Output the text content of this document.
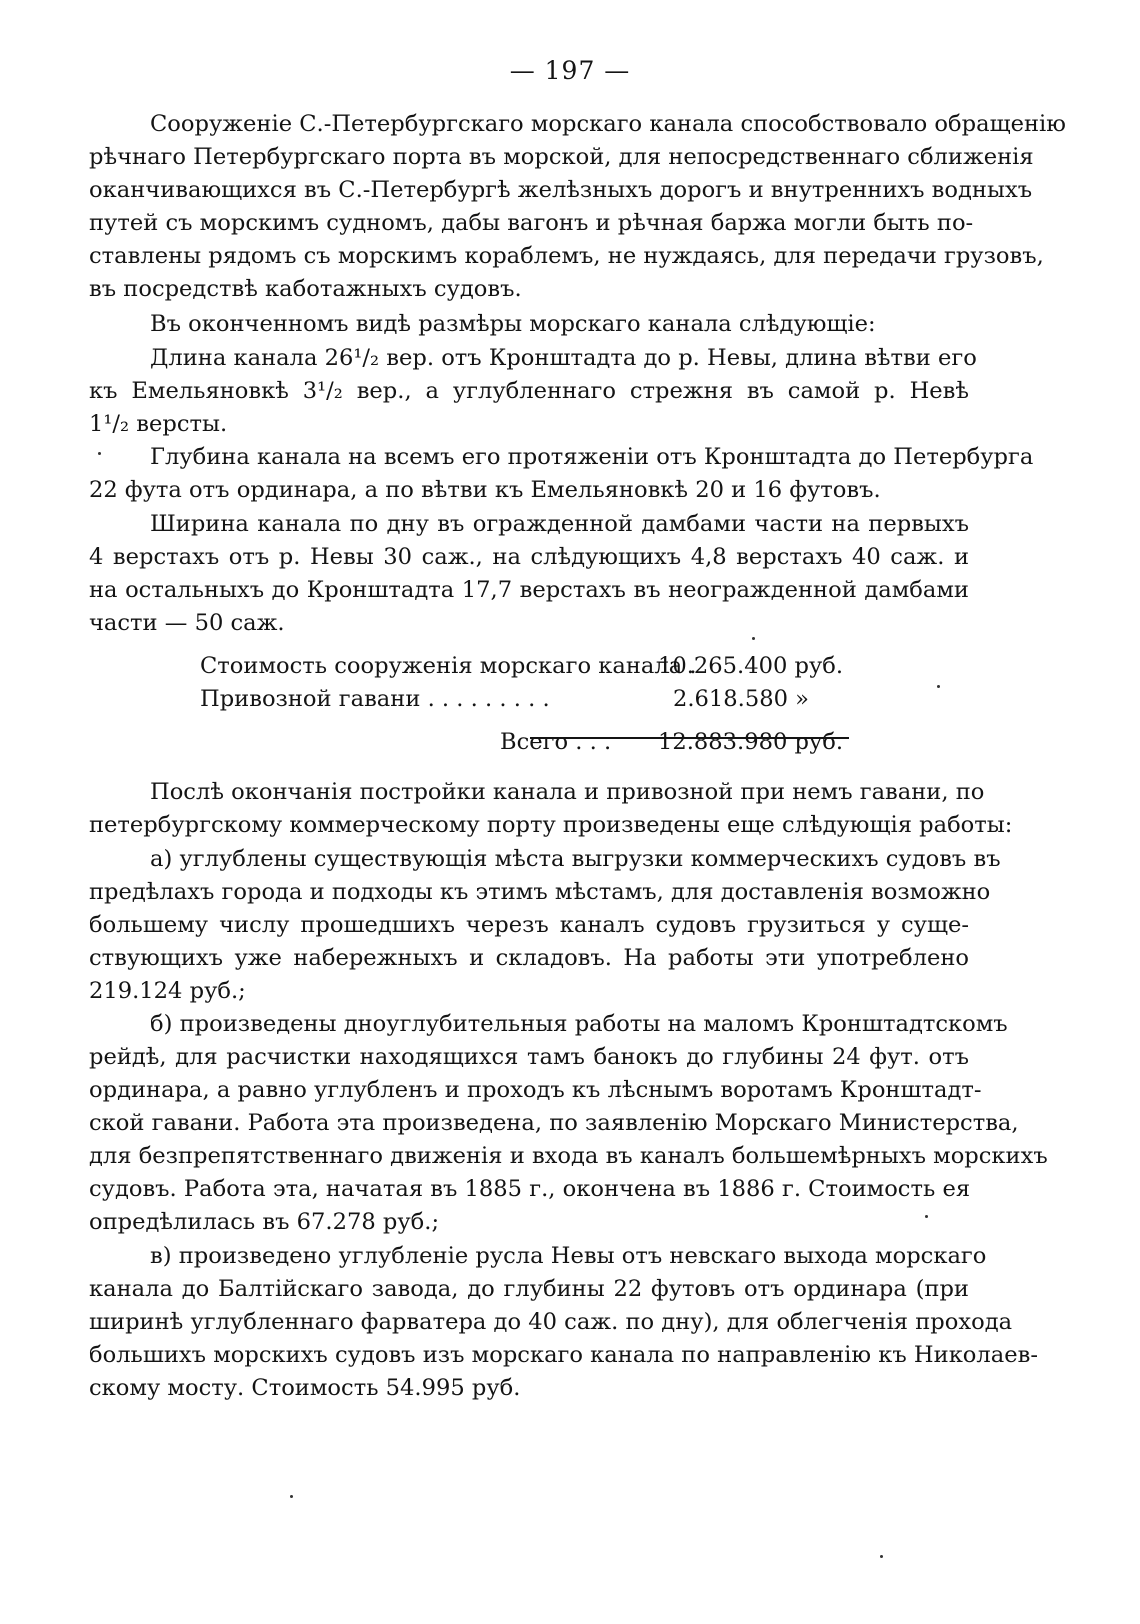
— 197 —
Сооруженіе С.-Петербургскаго морскаго канала способствовало обращенію
рѣчнаго Петербургскаго порта въ морской, для непосредственнаго сближенія
оканчивающихся въ С.-Петербургѣ желѣзныхъ дорогъ и внутреннихъ водныхъ
путей съ морскимъ судномъ, дабы вагонъ и рѣчная баржа могли быть по-
ставлены рядомъ съ морскимъ кораблемъ, не нуждаясь, для передачи грузовъ,
въ посредствѣ каботажныхъ судовъ.
Въ оконченномъ видѣ размѣры морскаго канала слѣдующіе:
Длина канала 26¹/₂ вер. отъ Кронштадта до р. Невы, длина вѣтви его
къ Емельяновкѣ 3¹/₂ вер., а углубленнаго стрежня въ самой р. Невѣ
1¹/₂ версты.
Глубина канала на всемъ его протяженіи отъ Кронштадта до Петербурга
22 фута отъ ординара, а по вѣтви къ Емельяновкѣ 20 и 16 футовъ.
Ширина канала по дну въ огражденной дамбами части на первыхъ
4 верстахъ отъ р. Невы 30 саж., на слѣдующихъ 4,8 верстахъ 40 саж. и
на остальныхъ до Кронштадта 17,7 верстахъ въ неогражденной дамбами
части — 50 саж.
Стоимость сооруженія морскаго канала .
10.265.400 руб.
Привозной гавани . . . . . . . . .	2.618.580 »
Всего . . . 12.883.980 руб.
Послѣ окончанія постройки канала и привозной при немъ гавани, по
петербургскому коммерческому порту произведены еще слѣдующія работы:
а) углублены существующія мѣста выгрузки коммерческихъ судовъ въ
предѣлахъ города и подходы къ этимъ мѣстамъ, для доставленія возможно
большему числу прошедшихъ черезъ каналъ судовъ грузиться у суще-
ствующихъ уже набережныхъ и складовъ. На работы эти употреблено
219.124 руб.;
б) произведены дноуглубительныя работы на маломъ Кронштадтскомъ
рейдѣ, для расчистки находящихся тамъ банокъ до глубины 24 фут. отъ
ординара, а равно углубленъ и проходъ къ лѣснымъ воротамъ Кронштадт-
ской гавани. Работа эта произведена, по заявленію Морскаго Министерства,
для безпрепятственнаго движенія и входа въ каналъ большемѣрныхъ морскихъ
судовъ. Работа эта, начатая въ 1885 г., окончена въ 1886 г. Стоимость ея
опредѣлилась въ 67.278 руб.;
в) произведено углубленіе русла Невы отъ невскаго выхода морскаго
канала до Балтійскаго завода, до глубины 22 футовъ отъ ординара (при
ширинѣ углубленнаго фарватера до 40 саж. по дну), для облегченія прохода
большихъ морскихъ судовъ изъ морскаго канала по направленію къ Николаев-
скому мосту. Стоимость 54.995 руб.
